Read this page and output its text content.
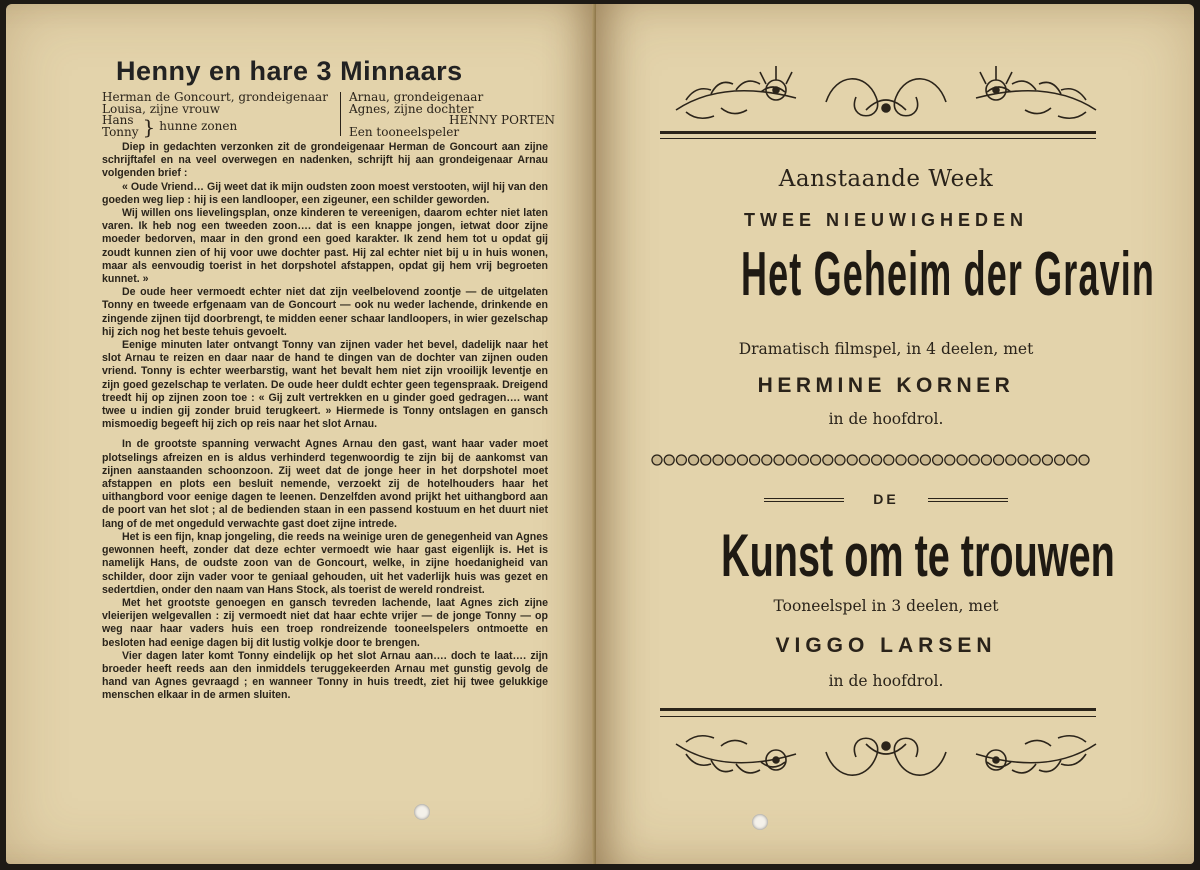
Henny en hare 3 Minnaars
Herman de Goncourt, grondeigenaar
Louisa, zijne vrouw
Hans
Tonny } hunne zonen
Arnau, grondeigenaar
Agnes, zijne dochter
HENNY PORTEN
Een tooneelspeler

Diep in gedachten verzonken zit de grondeigenaar Herman de Goncourt aan zijne schrijftafel en na veel overwegen en nadenken, schrijft hij aan grondeigenaar Arnau volgenden brief :

« Oude Vriend… Gij weet dat ik mijn oudsten zoon moest verstooten, wijl hij van den goeden weg liep : hij is een landlooper, een zigeuner, een schilder geworden.

Wij willen ons lievelingsplan, onze kinderen te vereenigen, daarom echter niet laten varen. Ik heb nog een tweeden zoon…. dat is een knappe jongen, ietwat door zijne moeder bedorven, maar in den grond een goed karakter. Ik zend hem tot u opdat gij zoudt kunnen zien of hij voor uwe dochter past. Hij zal echter niet bij u in huis wonen, maar als eenvoudig toerist in het dorpshotel afstappen, opdat gij hem vrij begroeten kunnet. »

De oude heer vermoedt echter niet dat zijn veelbelovend zoontje — de uitgelaten Tonny en tweede erfgenaam van de Goncourt — ook nu weder lachende, drinkende en zingende zijnen tijd doorbrengt, te midden eener schaar landloopers, in wier gezelschap hij zich nog het beste tehuis gevoelt.

Eenige minuten later ontvangt Tonny van zijnen vader het bevel, dadelijk naar het slot Arnau te reizen en daar naar de hand te dingen van de dochter van zijnen ouden vriend. Tonny is echter weerbarstig, want het bevalt hem niet zijn vrooilijk leventje en zijn goed gezelschap te verlaten. De oude heer duldt echter geen tegenspraak. Dreigend treedt hij op zijnen zoon toe : « Gij zult vertrekken en u ginder goed gedragen…. want twee u indien gij zonder bruid terugkeert. » Hiermede is Tonny ontslagen en gansch mismoedig begeeft hij zich op reis naar het slot Arnau.

In de grootste spanning verwacht Agnes Arnau den gast, want haar vader moet plotselings afreizen en is aldus verhinderd tegenwoordig te zijn bij de aankomst van zijnen aanstaanden schoonzoon. Zij weet dat de jonge heer in het dorpshotel moet afstappen en plots een besluit nemende, verzoekt zij de hotelhouders haar het uithangbord voor eenige dagen te leenen. Denzelfden avond prijkt het uithangbord aan de poort van het slot ; al de bedienden staan in een passend kostuum en het duurt niet lang of de met ongeduld verwachte gast doet zijne intrede.

Het is een fijn, knap jongeling, die reeds na weinige uren de genegenheid van Agnes gewonnen heeft, zonder dat deze echter vermoedt wie haar gast eigenlijk is. Het is namelijk Hans, de oudste zoon van de Goncourt, welke, in zijne hoedanigheid van schilder, door zijn vader voor te geniaal gehouden, uit het vaderlijk huis was gezet en sedertdien, onder den naam van Hans Stock, als toerist de wereld rondreist.

Met het grootste genoegen en gansch tevreden lachende, laat Agnes zich zijne vleierijen welgevallen : zij vermoedt niet dat haar echte vrijer — de jonge Tonny — op weg naar haar vaders huis een troep rondreizende tooneelspelers ontmoette en besloten had eenige dagen bij dit lustig volkje door te brengen.

Vier dagen later komt Tonny eindelijk op het slot Arnau aan…. doch te laat…. zijn broeder heeft reeds aan den inmiddels teruggekeerden Arnau met gunstig gevolg de hand van Agnes gevraagd ; en wanneer Tonny in huis treedt, ziet hij twee gelukkige menschen elkaar in de armen sluiten.

Aanstaande Week
TWEE NIEUWIGHEDEN
Het Geheim der Gravin
Dramatisch filmspel, in 4 deelen, met
HERMINE KORNER
in de hoofdrol.
DE
Kunst om te trouwen
Tooneelspel in 3 deelen, met
VIGGO LARSEN
in de hoofdrol.
